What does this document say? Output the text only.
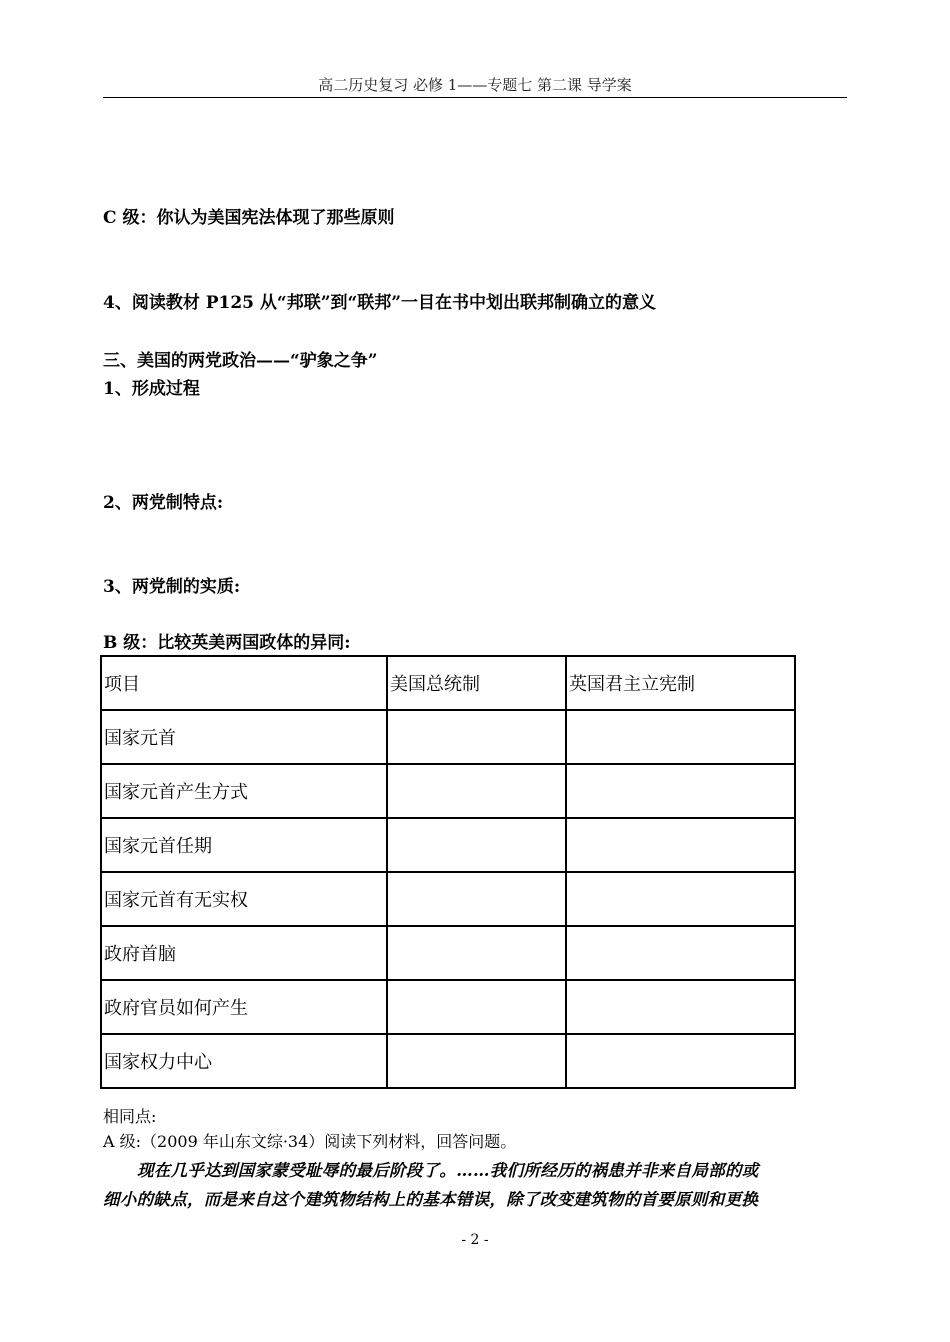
高二历史复习 必修 1——专题七 第二课 导学案
C 级：你认为美国宪法体现了那些原则
4、阅读教材 P125 从“邦联”到“联邦”一目在书中划出联邦制确立的意义
三、美国的两党政治——“驴象之争”
1、形成过程
2、两党制特点:
3、两党制的实质:
B 级：比较英美两国政体的异同:
项目	美国总统制	英国君主立宪制
国家元首		
国家元首产生方式		
国家元首任期		
国家元首有无实权		
政府首脑		
政府官员如何产生		
国家权力中心		
相同点:
A 级:（2009 年山东文综·34）阅读下列材料，回答问题。
现在几乎达到国家蒙受耻辱的最后阶段了。……我们所经历的祸患并非来自局部的或
细小的缺点，而是来自这个建筑物结构上的基本错误，除了改变建筑物的首要原则和更换
- 2 -
